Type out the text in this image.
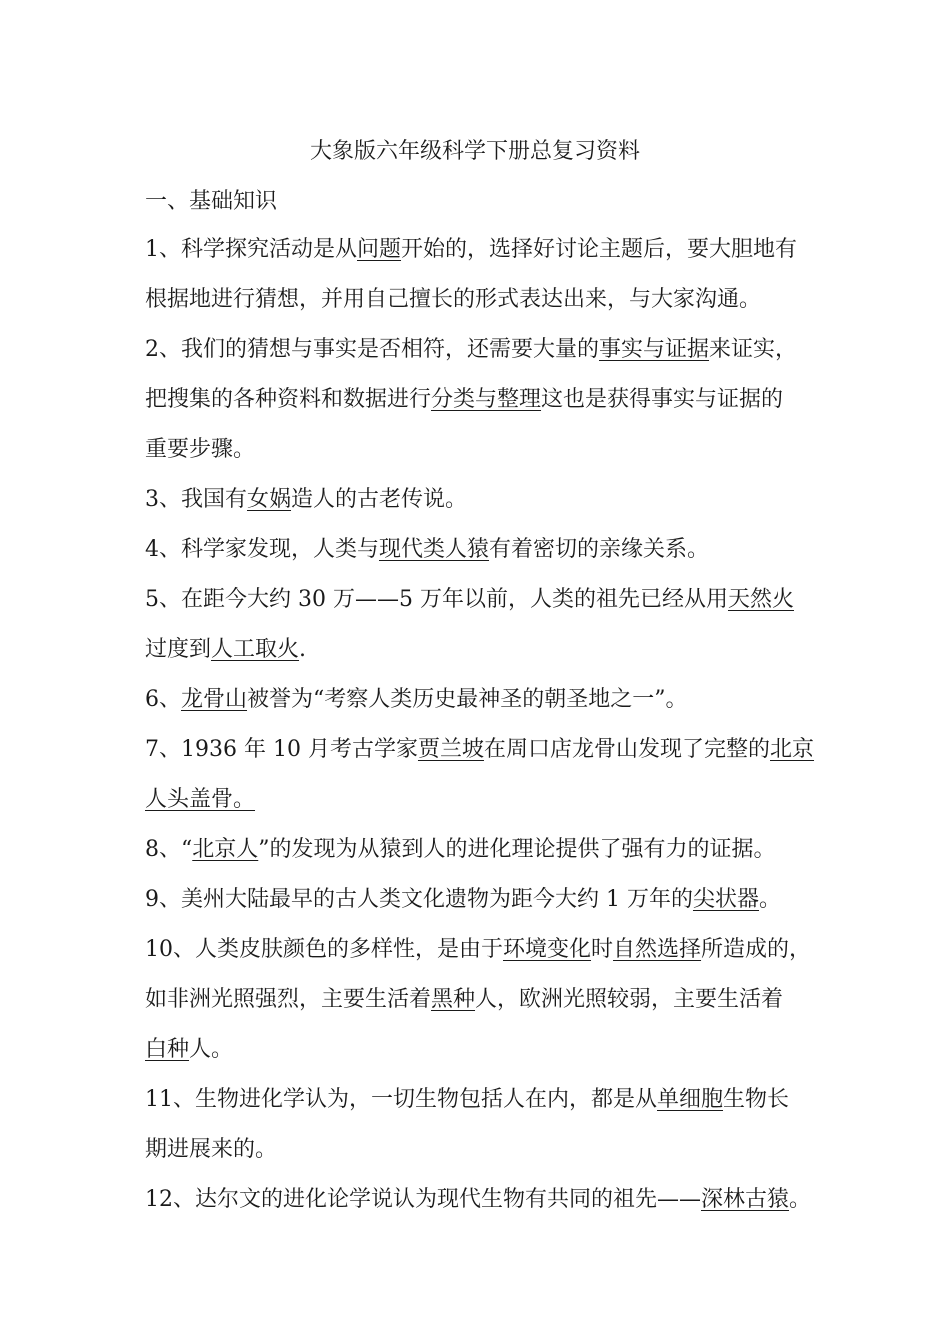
大象版六年级科学下册总复习资料
一、基础知识
1、科学探究活动是从问题开始的，选择好讨论主题后，要大胆地有
根据地进行猜想，并用自己擅长的形式表达出来，与大家沟通。
2、我们的猜想与事实是否相符，还需要大量的事实与证据来证实，
把搜集的各种资料和数据进行分类与整理这也是获得事实与证据的
重要步骤。
3、我国有女娲造人的古老传说。
4、科学家发现，人类与现代类人猿有着密切的亲缘关系。
5、在距今大约 30 万——5 万年以前，人类的祖先已经从用天然火
过度到人工取火.
6、龙骨山被誉为“考察人类历史最神圣的朝圣地之一”。
7、1936 年 10 月考古学家贾兰坡在周口店龙骨山发现了完整的北京
人头盖骨。
8、“北京人”的发现为从猿到人的进化理论提供了强有力的证据。
9、美州大陆最早的古人类文化遗物为距今大约 1 万年的尖状器。
10、人类皮肤颜色的多样性，是由于环境变化时自然选择所造成的，
如非洲光照强烈，主要生活着黑种人，欧洲光照较弱，主要生活着
白种人。
11、生物进化学认为，一切生物包括人在内，都是从单细胞生物长
期进展来的。
12、达尔文的进化论学说认为现代生物有共同的祖先——深林古猿。
